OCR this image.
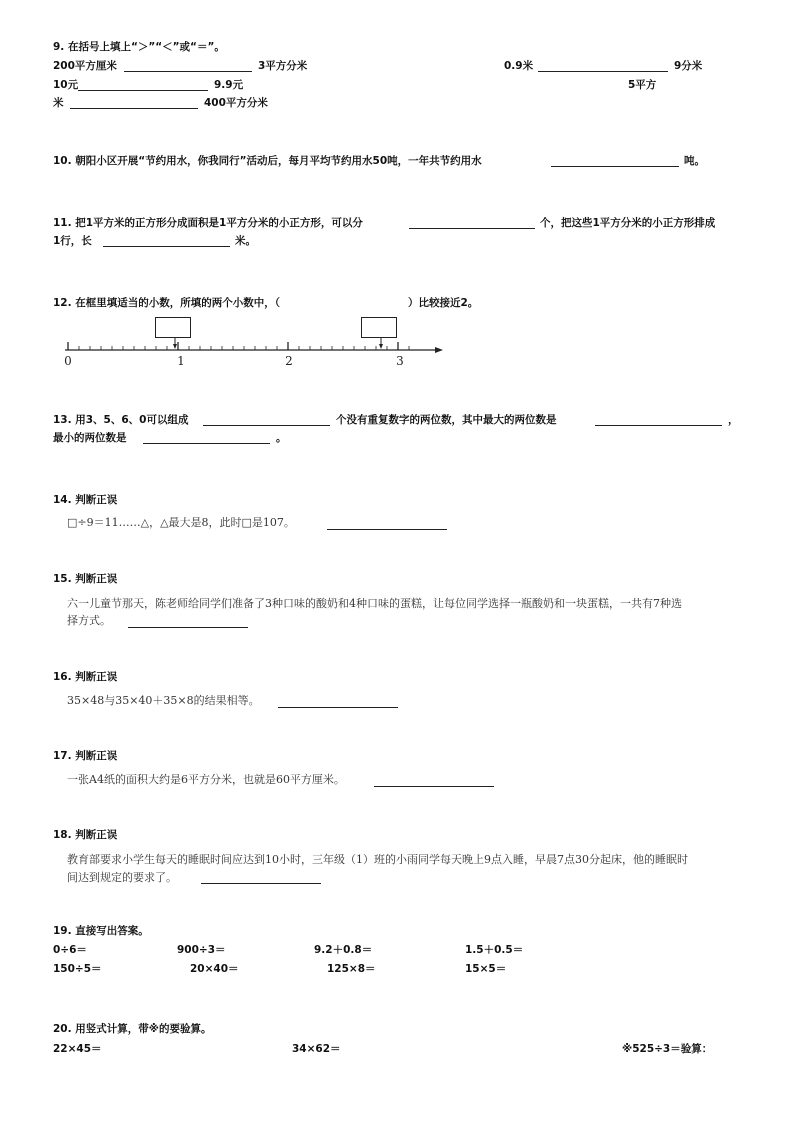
9. 在括号上填上“＞”“＜”或“＝”。
200平方厘米	3平方分米	0.9米	9分米
10元	9.9元	5平方
米	400平方分米
10. 朝阳小区开展“节约用水，你我同行”活动后，每月平均节约用水50吨，一年共节约用水	吨。
11. 把1平方米的正方形分成面积是1平方分米的小正方形，可以分	个，把这些1平方分米的小正方形排成
1行，长	米。
12. 在框里填适当的小数，所填的两个小数中，（	）比较接近2。
0	1	2	3
13. 用3、5、6、0可以组成	个没有重复数字的两位数，其中最大的两位数是	，
最小的两位数是	。
14. 判断正误
□÷9＝11……△，△最大是8，此时□是107。
15. 判断正误
六一儿童节那天，陈老师给同学们准备了3种口味的酸奶和4种口味的蛋糕，让每位同学选择一瓶酸奶和一块蛋糕，一共有7种选
择方式。
16. 判断正误
35×48与35×40＋35×8的结果相等。
17. 判断正误
一张A4纸的面积大约是6平方分米，也就是60平方厘米。
18. 判断正误
教育部要求小学生每天的睡眠时间应达到10小时，三年级（1）班的小雨同学每天晚上9点入睡，早晨7点30分起床，他的睡眠时
间达到规定的要求了。
19. 直接写出答案。
0÷6＝	900÷3＝	9.2＋0.8＝	1.5＋0.5＝
150÷5＝	20×40＝	125×8＝	15×5＝
20. 用竖式计算，带※的要验算。
22×45＝	34×62＝	※525÷3＝验算：
